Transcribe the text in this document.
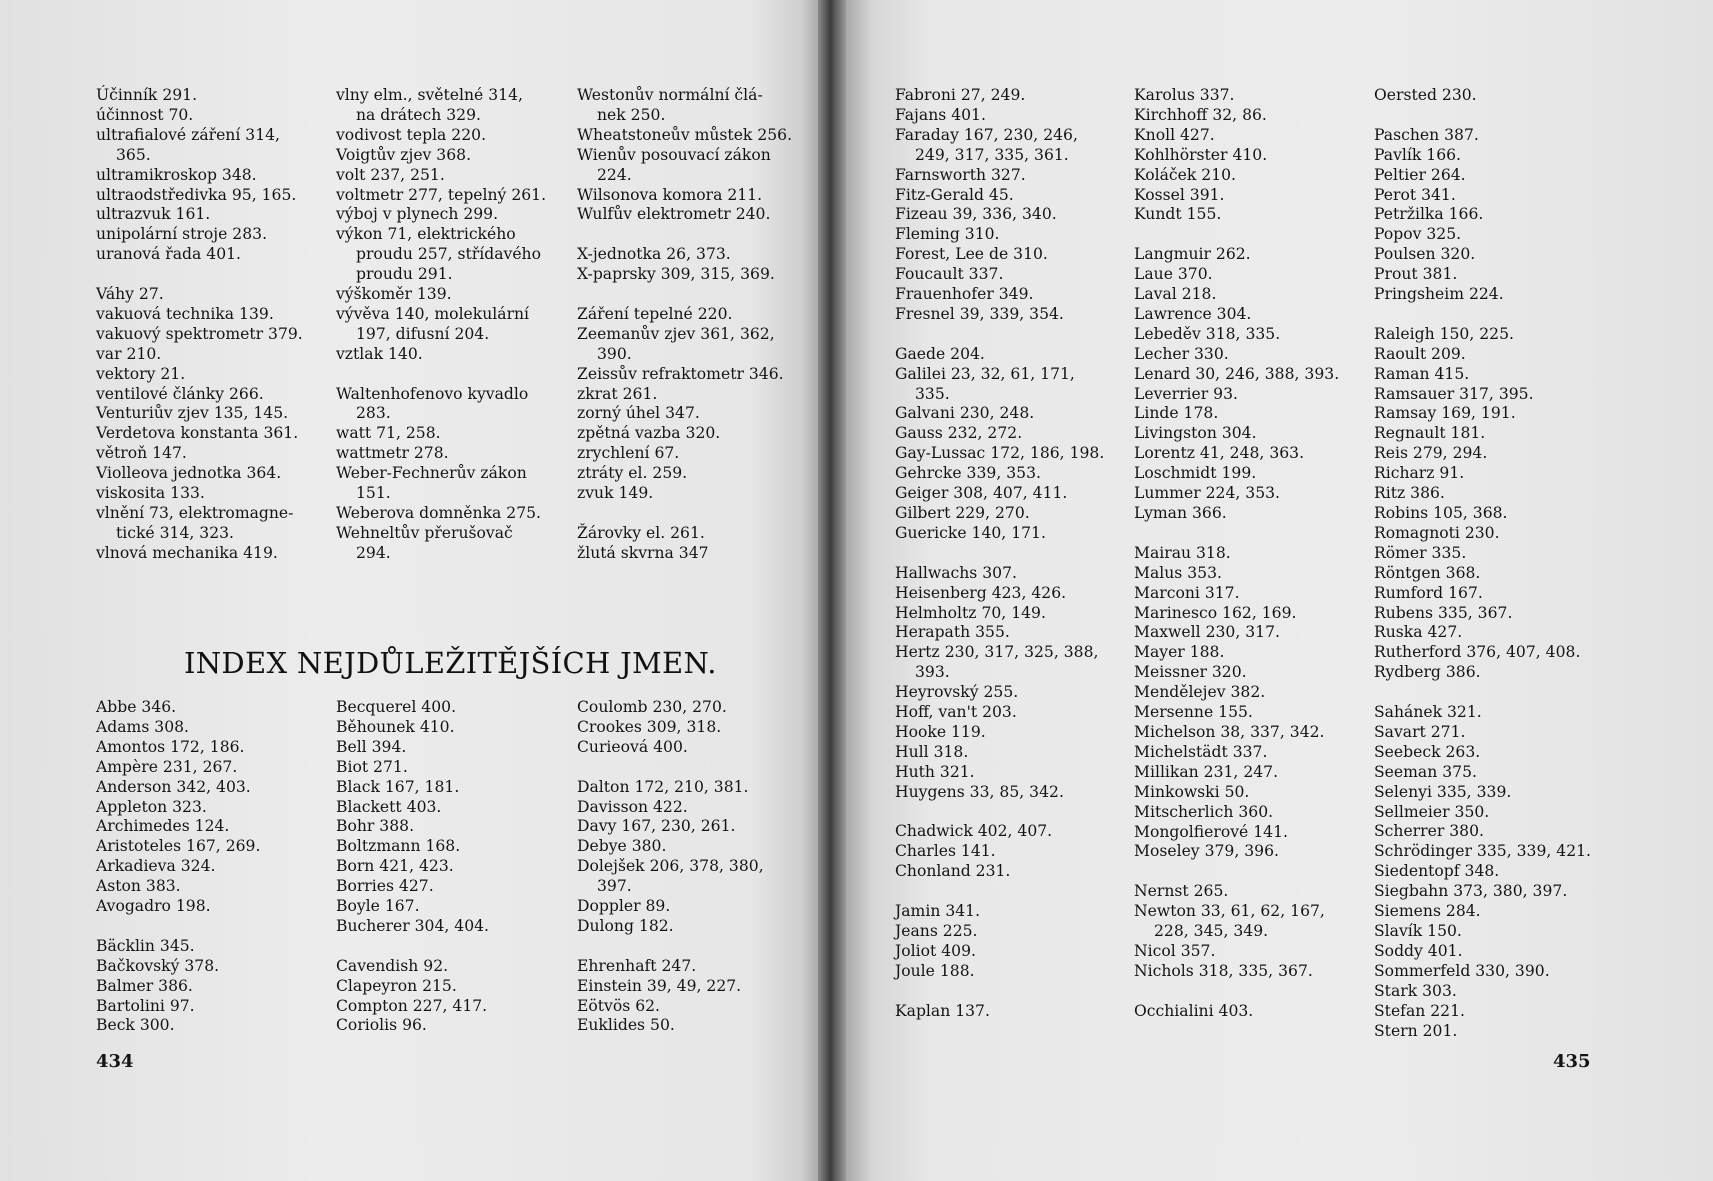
Účinník 291.
účinnost 70.
ultrafialové záření 314,
365.
ultramikroskop 348.
ultraodstředivka 95, 165.
ultrazvuk 161.
unipolární stroje 283.
uranová řada 401.
Váhy 27.
vakuová technika 139.
vakuový spektrometr 379.
var 210.
vektory 21.
ventilové články 266.
Venturiův zjev 135, 145.
Verdetova konstanta 361.
větroň 147.
Violleova jednotka 364.
viskosita 133.
vlnění 73, elektromagne-
tické 314, 323.
vlnová mechanika 419.
vlny elm., světelné 314,
na drátech 329.
vodivost tepla 220.
Voigtův zjev 368.
volt 237, 251.
voltmetr 277, tepelný 261.
výboj v plynech 299.
výkon 71, elektrického
proudu 257, střídavého
proudu 291.
výškoměr 139.
vývěva 140, molekulární
197, difusní 204.
vztlak 140.
Waltenhofenovo kyvadlo
283.
watt 71, 258.
wattmetr 278.
Weber-Fechnerův zákon
151.
Weberova domněnka 275.
Wehneltův přerušovač
294.
Westonův normální člá-
nek 250.
Wheatstoneův můstek 256.
Wienův posouvací zákon
224.
Wilsonova komora 211.
Wulfův elektrometr 240.
X-jednotka 26, 373.
X-paprsky 309, 315, 369.
Záření tepelné 220.
Zeemanův zjev 361, 362,
390.
Zeissův refraktometr 346.
zkrat 261.
zorný úhel 347.
zpětná vazba 320.
zrychlení 67.
ztráty el. 259.
zvuk 149.
Žárovky el. 261.
žlutá skvrna 347
INDEX NEJDŮLEŽITĚJŠÍCH JMEN.
Abbe 346.
Adams 308.
Amontos 172, 186.
Ampère 231, 267.
Anderson 342, 403.
Appleton 323.
Archimedes 124.
Aristoteles 167, 269.
Arkadieva 324.
Aston 383.
Avogadro 198.
Bäcklin 345.
Bačkovský 378.
Balmer 386.
Bartolini 97.
Beck 300.
Becquerel 400.
Běhounek 410.
Bell 394.
Biot 271.
Black 167, 181.
Blackett 403.
Bohr 388.
Boltzmann 168.
Born 421, 423.
Borries 427.
Boyle 167.
Bucherer 304, 404.
Cavendish 92.
Clapeyron 215.
Compton 227, 417.
Coriolis 96.
Coulomb 230, 270.
Crookes 309, 318.
Curieová 400.
Dalton 172, 210, 381.
Davisson 422.
Davy 167, 230, 261.
Debye 380.
Dolejšek 206, 378, 380,
397.
Doppler 89.
Dulong 182.
Ehrenhaft 247.
Einstein 39, 49, 227.
Eötvös 62.
Euklides 50.
434
Fabroni 27, 249.
Fajans 401.
Faraday 167, 230, 246,
249, 317, 335, 361.
Farnsworth 327.
Fitz-Gerald 45.
Fizeau 39, 336, 340.
Fleming 310.
Forest, Lee de 310.
Foucault 337.
Frauenhofer 349.
Fresnel 39, 339, 354.
Gaede 204.
Galilei 23, 32, 61, 171,
335.
Galvani 230, 248.
Gauss 232, 272.
Gay-Lussac 172, 186, 198.
Gehrcke 339, 353.
Geiger 308, 407, 411.
Gilbert 229, 270.
Guericke 140, 171.
Hallwachs 307.
Heisenberg 423, 426.
Helmholtz 70, 149.
Herapath 355.
Hertz 230, 317, 325, 388,
393.
Heyrovský 255.
Hoff, van't 203.
Hooke 119.
Hull 318.
Huth 321.
Huygens 33, 85, 342.
Chadwick 402, 407.
Charles 141.
Chonland 231.
Jamin 341.
Jeans 225.
Joliot 409.
Joule 188.
Kaplan 137.
Karolus 337.
Kirchhoff 32, 86.
Knoll 427.
Kohlhörster 410.
Koláček 210.
Kossel 391.
Kundt 155.
Langmuir 262.
Laue 370.
Laval 218.
Lawrence 304.
Lebeděv 318, 335.
Lecher 330.
Lenard 30, 246, 388, 393.
Leverrier 93.
Linde 178.
Livingston 304.
Lorentz 41, 248, 363.
Loschmidt 199.
Lummer 224, 353.
Lyman 366.
Mairau 318.
Malus 353.
Marconi 317.
Marinesco 162, 169.
Maxwell 230, 317.
Mayer 188.
Meissner 320.
Mendělejev 382.
Mersenne 155.
Michelson 38, 337, 342.
Michelstädt 337.
Millikan 231, 247.
Minkowski 50.
Mitscherlich 360.
Mongolfierové 141.
Moseley 379, 396.
Nernst 265.
Newton 33, 61, 62, 167,
228, 345, 349.
Nicol 357.
Nichols 318, 335, 367.
Occhialini 403.
Oersted 230.
Paschen 387.
Pavlík 166.
Peltier 264.
Perot 341.
Petržilka 166.
Popov 325.
Poulsen 320.
Prout 381.
Pringsheim 224.
Raleigh 150, 225.
Raoult 209.
Raman 415.
Ramsauer 317, 395.
Ramsay 169, 191.
Regnault 181.
Reis 279, 294.
Richarz 91.
Ritz 386.
Robins 105, 368.
Romagnoti 230.
Römer 335.
Röntgen 368.
Rumford 167.
Rubens 335, 367.
Ruska 427.
Rutherford 376, 407, 408.
Rydberg 386.
Sahánek 321.
Savart 271.
Seebeck 263.
Seeman 375.
Selenyi 335, 339.
Sellmeier 350.
Scherrer 380.
Schrödinger 335, 339, 421.
Siedentopf 348.
Siegbahn 373, 380, 397.
Siemens 284.
Slavík 150.
Soddy 401.
Sommerfeld 330, 390.
Stark 303.
Stefan 221.
Stern 201.
435
